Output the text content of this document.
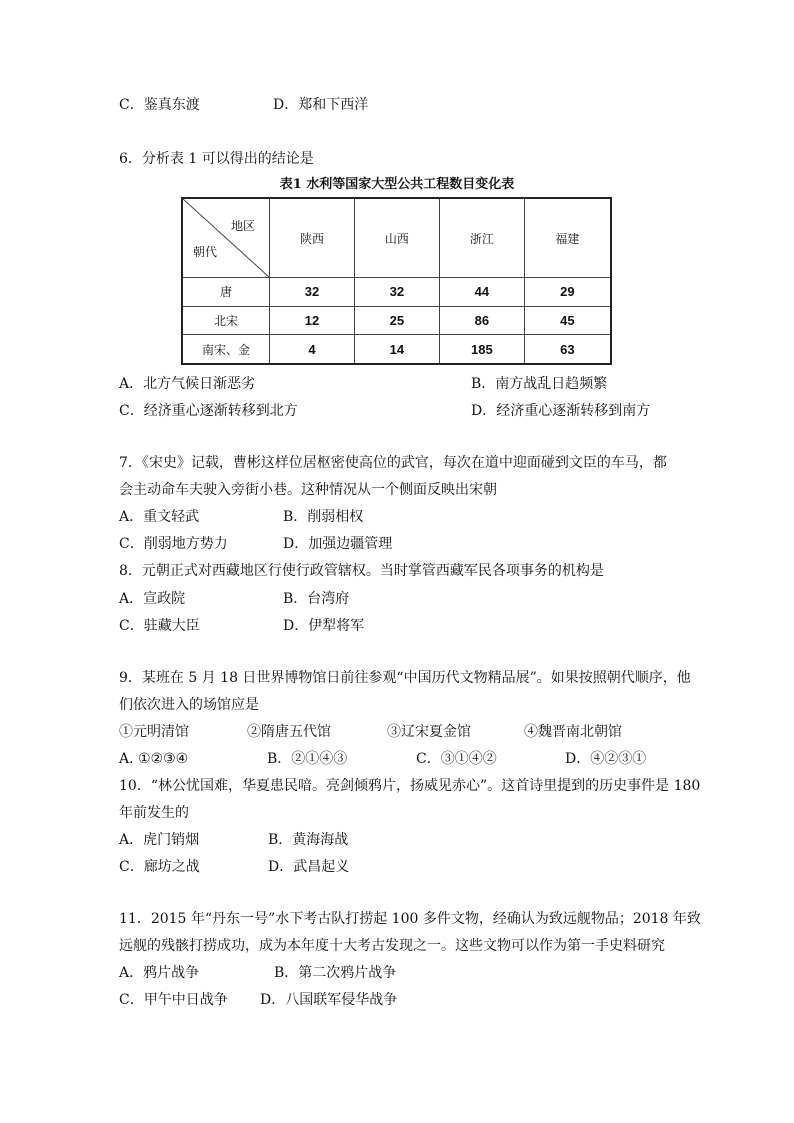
C．鉴真东渡	D．郑和下西洋
6．分析表 1 可以得出的结论是
表1 水利等国家大型公共工程数目变化表
地区
朝代	陕西	山西	浙江	福建
唐	32	32	44	29
北宋	12	25	86	45
南宋、金	4	14	185	63
A．北方气候日渐恶劣	B．南方战乱日趋频繁
C．经济重心逐渐转移到北方	D．经济重心逐渐转移到南方
7．《宋史》记载，曹彬这样位居枢密使高位的武官，每次在道中迎面碰到文臣的车马，都
会主动命车夫驶入旁街小巷。这种情况从一个侧面反映出宋朝
A．重文轻武	B．削弱相权
C．削弱地方势力	D．加强边疆管理
8．元朝正式对西藏地区行使行政管辖权。当时掌管西藏军民各项事务的机构是
A．宣政院	B．台湾府
C．驻藏大臣	D．伊犁将军
9．某班在 5 月 18 日世界博物馆日前往参观“中国历代文物精品展”。如果按照朝代顺序，他
们依次进入的场馆应是
①元明清馆	②隋唐五代馆	③辽宋夏金馆	④魏晋南北朝馆
A. ①②③④	B．②①④③	C．③①④②	D．④②③①
10．“林公忧国难，华夏患民喑。亮剑倾鸦片，扬威见赤心”。这首诗里提到的历史事件是 180
年前发生的
A．虎门销烟	B．黄海海战
C．廊坊之战	D．武昌起义
11．2015 年“丹东一号”水下考古队打捞起 100 多件文物，经确认为致远舰物品；2018 年致
远舰的残骸打捞成功，成为本年度十大考古发现之一。这些文物可以作为第一手史料研究
A．鸦片战争	B．第二次鸦片战争
C．甲午中日战争 D．八国联军侵华战争
